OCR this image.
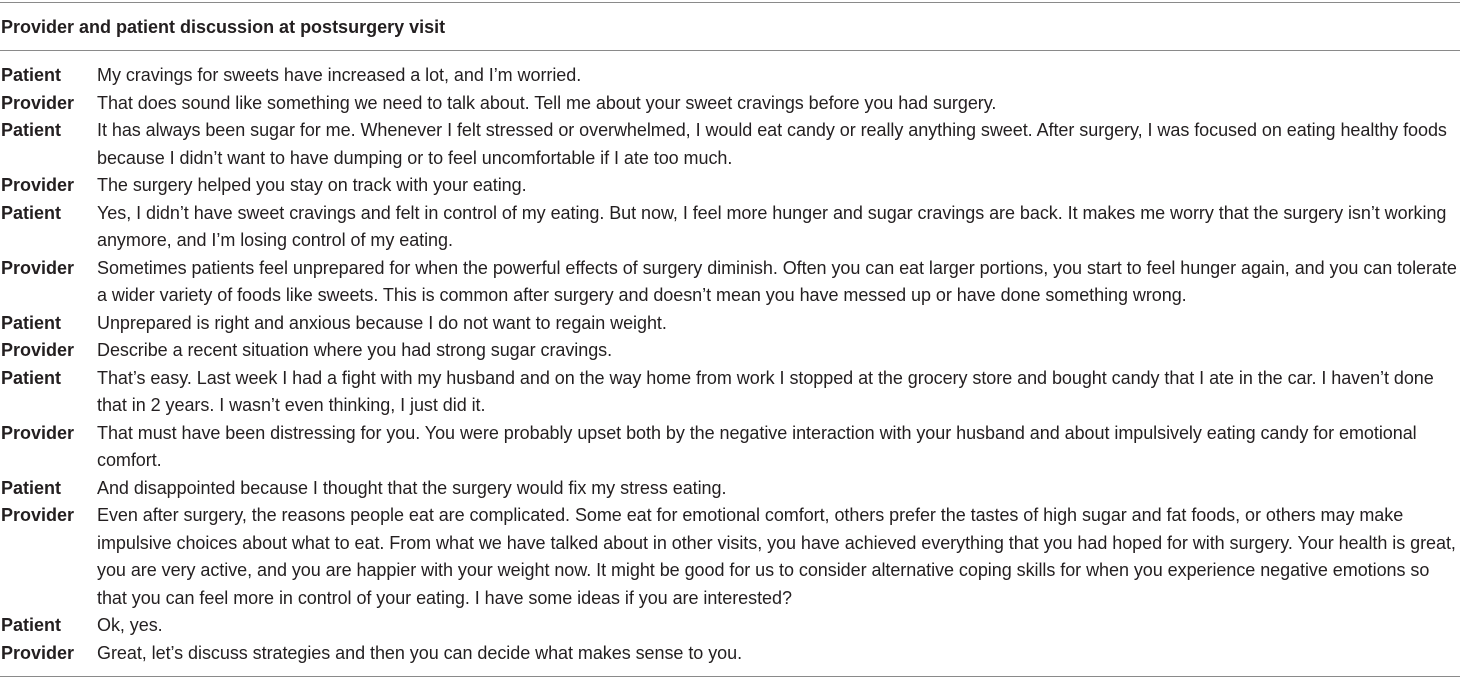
Provider and patient discussion at postsurgery visit
Patient	My cravings for sweets have increased a lot, and I’m worried.
Provider	That does sound like something we need to talk about. Tell me about your sweet cravings before you had surgery.
Patient	It has always been sugar for me. Whenever I felt stressed or overwhelmed, I would eat candy or really anything sweet. After surgery, I was focused on eating healthy foods because I didn’t want to have dumping or to feel uncomfortable if I ate too much.
Provider	The surgery helped you stay on track with your eating.
Patient	Yes, I didn’t have sweet cravings and felt in control of my eating. But now, I feel more hunger and sugar cravings are back. It makes me worry that the surgery isn’t working anymore, and I’m losing control of my eating.
Provider	Sometimes patients feel unprepared for when the powerful effects of surgery diminish. Often you can eat larger portions, you start to feel hunger again, and you can tolerate a wider variety of foods like sweets. This is common after surgery and doesn’t mean you have messed up or have done something wrong.
Patient	Unprepared is right and anxious because I do not want to regain weight.
Provider	Describe a recent situation where you had strong sugar cravings.
Patient	That’s easy. Last week I had a fight with my husband and on the way home from work I stopped at the grocery store and bought candy that I ate in the car. I haven’t done that in 2 years. I wasn’t even thinking, I just did it.
Provider	That must have been distressing for you. You were probably upset both by the negative interaction with your husband and about impulsively eating candy for emotional comfort.
Patient	And disappointed because I thought that the surgery would fix my stress eating.
Provider	Even after surgery, the reasons people eat are complicated. Some eat for emotional comfort, others prefer the tastes of high sugar and fat foods, or others may make impulsive choices about what to eat. From what we have talked about in other visits, you have achieved everything that you had hoped for with surgery. Your health is great, you are very active, and you are happier with your weight now. It might be good for us to consider alternative coping skills for when you experience negative emotions so that you can feel more in control of your eating. I have some ideas if you are interested?
Patient	Ok, yes.
Provider	Great, let’s discuss strategies and then you can decide what makes sense to you.
